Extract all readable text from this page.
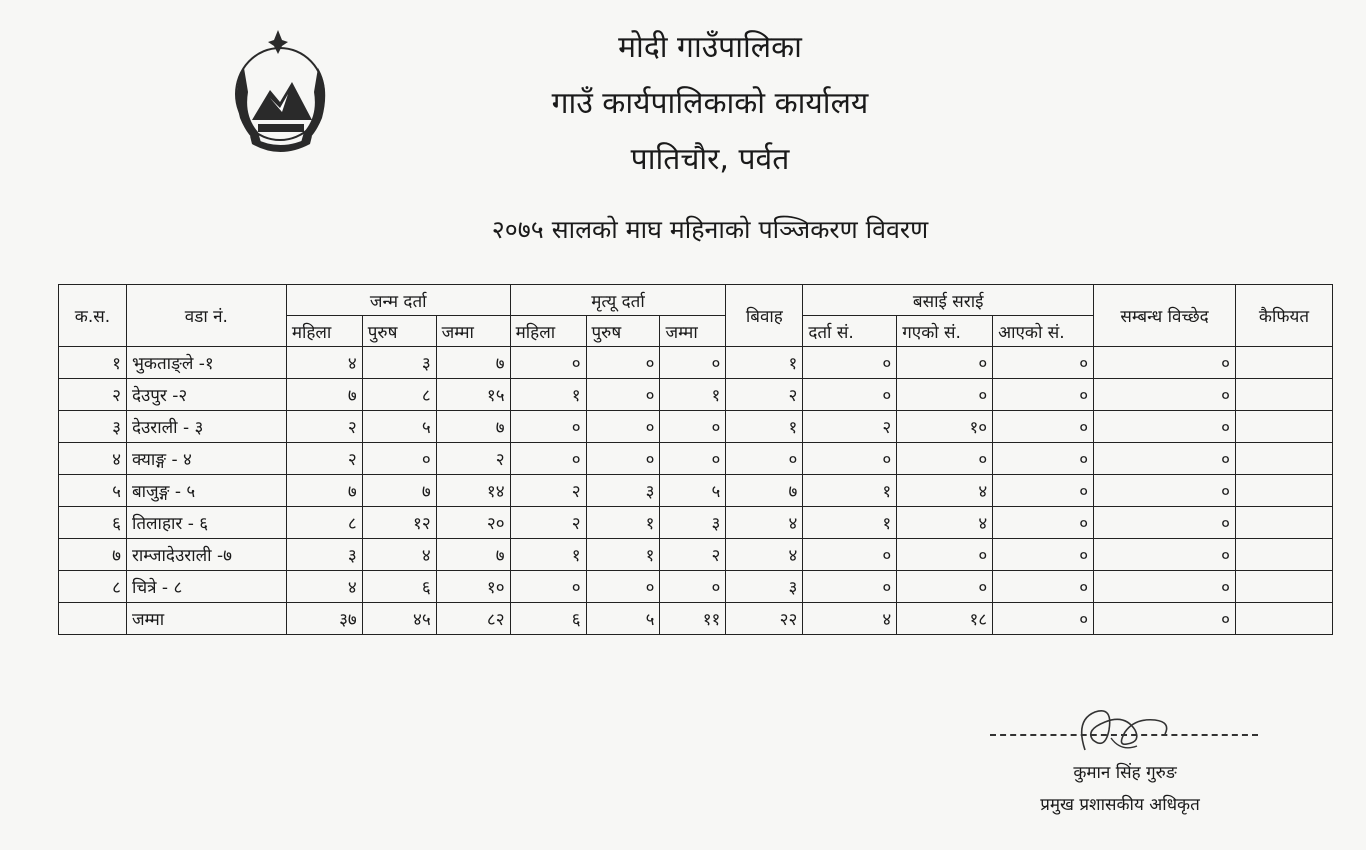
मोदी गाउँपालिका
गाउँ कार्यपालिकाको कार्यालय
पातिचौर, पर्वत
२०७५ सालको माघ महिनाको पञ्जिकरण विवरण
क.स.	वडा नं.	जन्म दर्ता			मृत्यू दर्ता			बिवाह	बसाई सराई			सम्बन्ध विच्छेद	कैफियत
		महिला	पुरुष	जम्मा	महिला	पुरुष	जम्मा		दर्ता सं.	गएको सं.	आएको सं.		
१	भुकताङ्ले -१	४	३	७	०	०	०	१	०	०	०	०	
२	देउपुर -२	७	८	१५	१	०	१	२	०	०	०	०	
३	देउराली - ३	२	५	७	०	०	०	१	२	१०	०	०	
४	क्याङ्ग - ४	२	०	२	०	०	०	०	०	०	०	०	
५	बाजुङ्ग - ५	७	७	१४	२	३	५	७	१	४	०	०	
६	तिलाहार - ६	८	१२	२०	२	१	३	४	१	४	०	०	
७	राम्जादेउराली -७	३	४	७	१	१	२	४	०	०	०	०	
८	चित्रे - ८	४	६	१०	०	०	०	३	०	०	०	०	
	जम्मा	३७	४५	८२	६	५	११	२२	४	१८	०	०	
कुमान सिंह गुरुङ
प्रमुख प्रशासकीय अधिकृत
